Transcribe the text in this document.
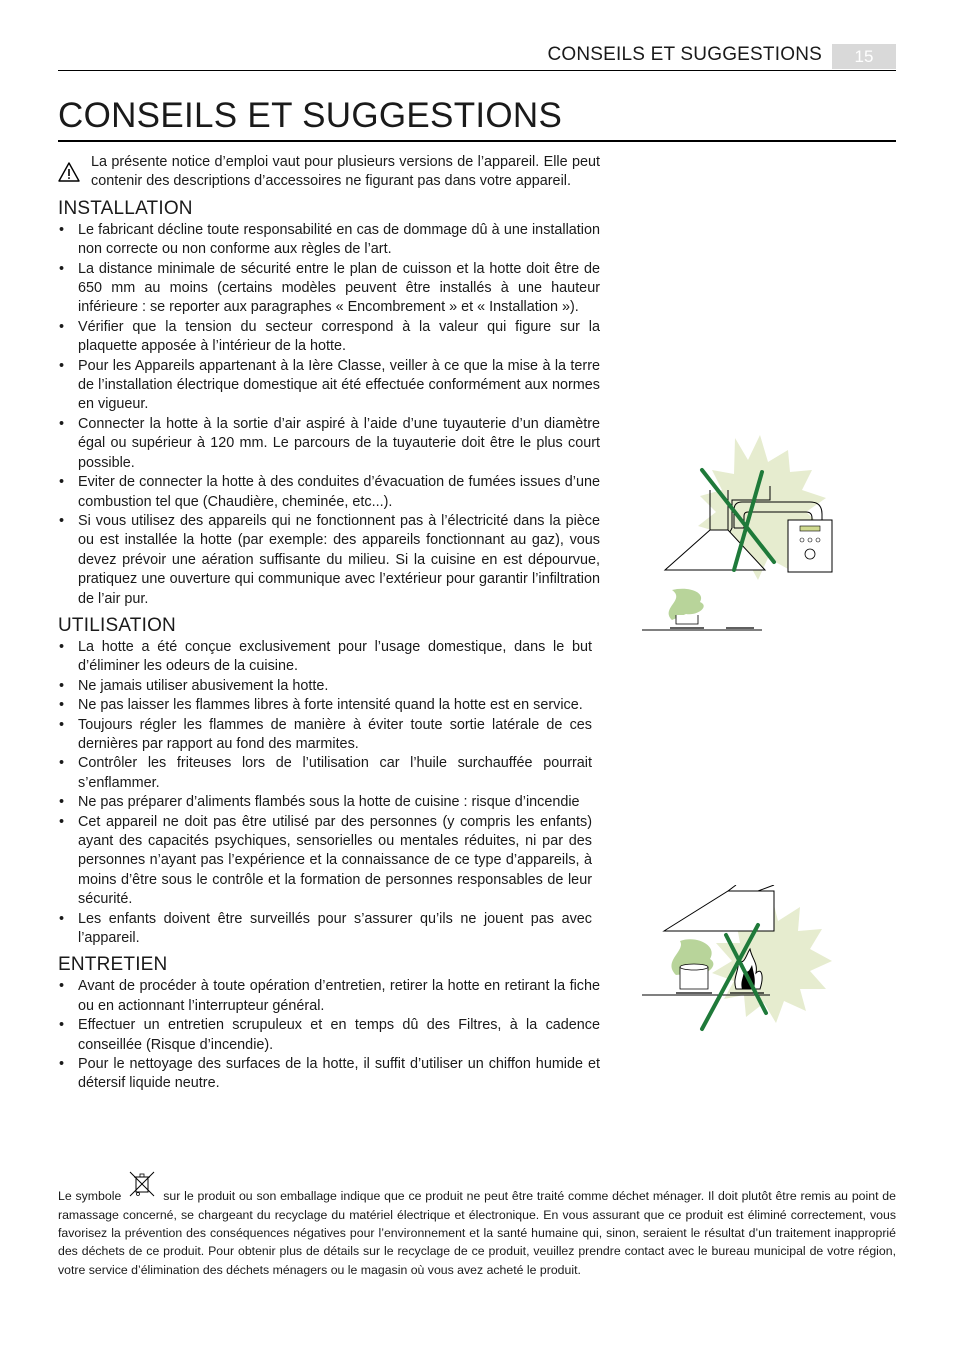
CONSEILS ET SUGGESTIONS	15
CONSEILS ET SUGGESTIONS
La présente notice d’emploi vaut pour plusieurs versions de l’appareil. Elle peut contenir des descriptions d’accessoires ne figurant pas dans votre appareil.
INSTALLATION
• Le fabricant décline toute responsabilité en cas de dommage dû à une installation non correcte ou non conforme aux règles de l’art.
• La distance minimale de sécurité entre le plan de cuisson et la hotte doit être de 650 mm au moins (certains modèles peuvent être installés à une hauteur inférieure : se reporter aux paragraphes « Encombrement » et « Installation »).
• Vérifier que la tension du secteur correspond à la valeur qui figure sur la plaquette apposée à l’intérieur de la hotte.
• Pour les Appareils appartenant à la Ière Classe, veiller à ce que la mise à la terre de l’installation électrique domestique ait été effectuée conformément aux normes en vigueur.
• Connecter la hotte à la sortie d’air aspiré à l’aide d’une tuyauterie d’un diamètre égal ou supérieur à 120 mm. Le parcours de la tuyauterie doit être le plus court possible.
• Eviter de connecter la hotte à des conduites d’évacuation de fumées issues d’une combustion tel que (Chaudière, cheminée, etc...).
• Si vous utilisez des appareils qui ne fonctionnent pas à l’électricité dans la pièce ou est installée la hotte (par exemple: des appareils fonctionnant au gaz), vous devez prévoir une aération suffisante du milieu. Si la cuisine en est dépourvue, pratiquez une ouverture qui communique avec l’extérieur pour garantir l’infiltration de l’air pur.
UTILISATION
• La hotte a été conçue exclusivement pour l’usage domestique, dans le but d’éliminer les odeurs de la cuisine.
• Ne jamais utiliser abusivement la hotte.
• Ne pas laisser les flammes libres à forte intensité quand la hotte est en service.
• Toujours régler les flammes de manière à éviter toute sortie latérale de ces dernières par rapport au fond des marmites.
• Contrôler les friteuses lors de l’utilisation car l’huile surchauffée pourrait s’enflammer.
• Ne pas préparer d’aliments flambés sous la hotte de cuisine : risque d’incendie
• Cet appareil ne doit pas être utilisé par des personnes (y compris les enfants) ayant des capacités psychiques, sensorielles ou mentales réduites, ni par des personnes n’ayant pas l’expérience et la connaissance de ce type d’appareils, à moins d’être sous le contrôle et la formation de personnes responsables de leur sécurité.
• Les enfants doivent être surveillés pour s’assurer qu’ils ne jouent pas avec l’appareil.
ENTRETIEN
• Avant de procéder à toute opération d’entretien, retirer la hotte en retirant la fiche ou en actionnant l’interrupteur général.
• Effectuer un entretien scrupuleux et en temps dû des Filtres, à la cadence conseillée (Risque d’incendie).
• Pour le nettoyage des surfaces de la hotte, il suffit d’utiliser un chiffon humide et détersif liquide neutre.
Le symbole	sur le produit ou son emballage indique que ce produit ne peut être traité comme déchet ménager. Il doit plutôt être remis au point de ramassage concerné, se chargeant du recyclage du matériel électrique et électronique. En vous assurant que ce produit est éliminé correctement, vous favorisez la prévention des conséquences négatives pour l’environnement et la santé humaine qui, sinon, seraient le résultat d’un traitement inapproprié des déchets de ce produit. Pour obtenir plus de détails sur le recyclage de ce produit, veuillez prendre contact avec le bureau municipal de votre région, votre service d’élimination des déchets ménagers ou le magasin où vous avez acheté le produit.
